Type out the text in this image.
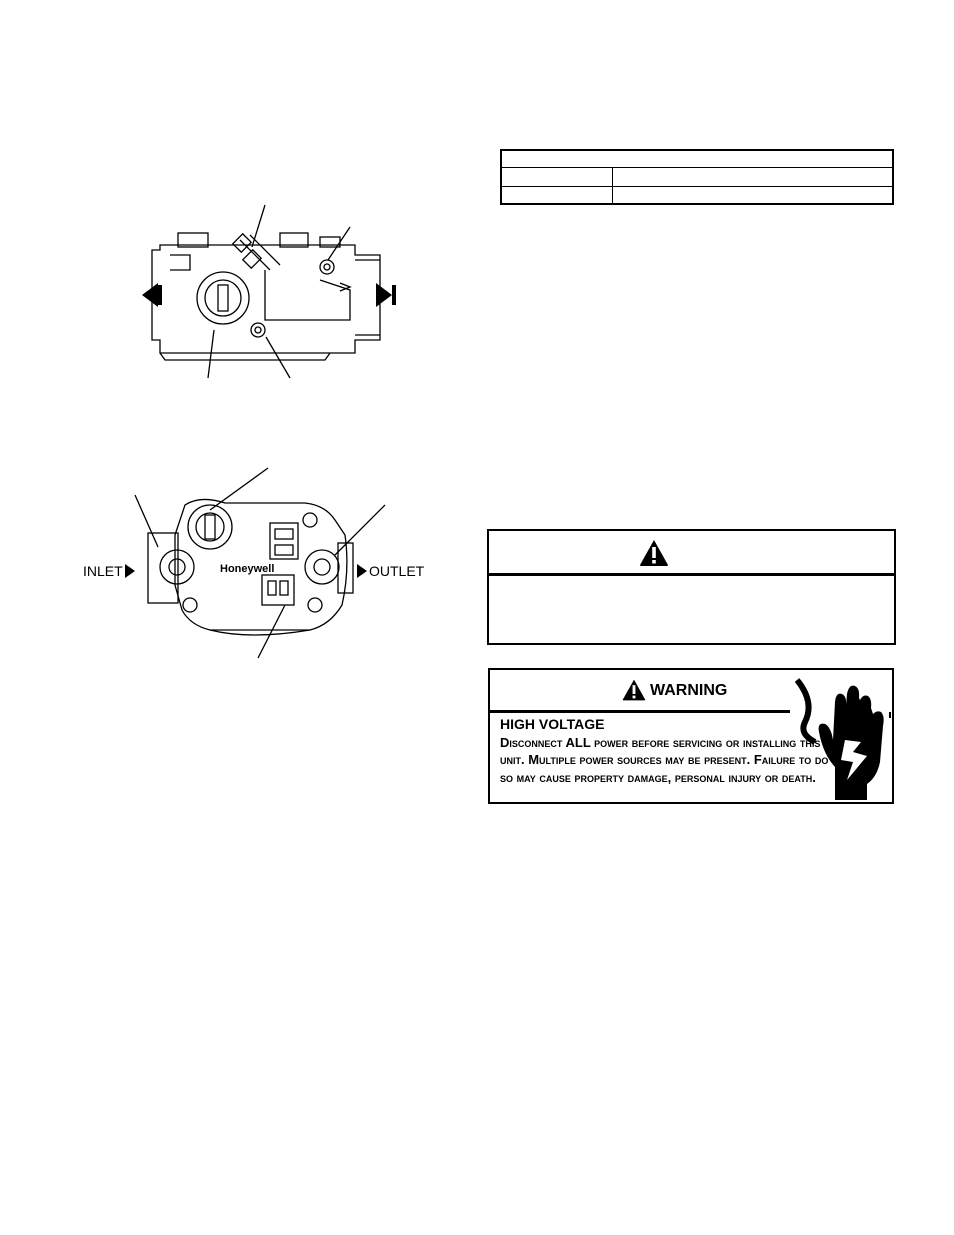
Honeywell
INLET	OUTLET
WARNING
HIGH VOLTAGE
Disconnect ALL power before servicing or installing this unit. Multiple power sources may be present. Failure to do so may cause property damage, personal injury or death.
